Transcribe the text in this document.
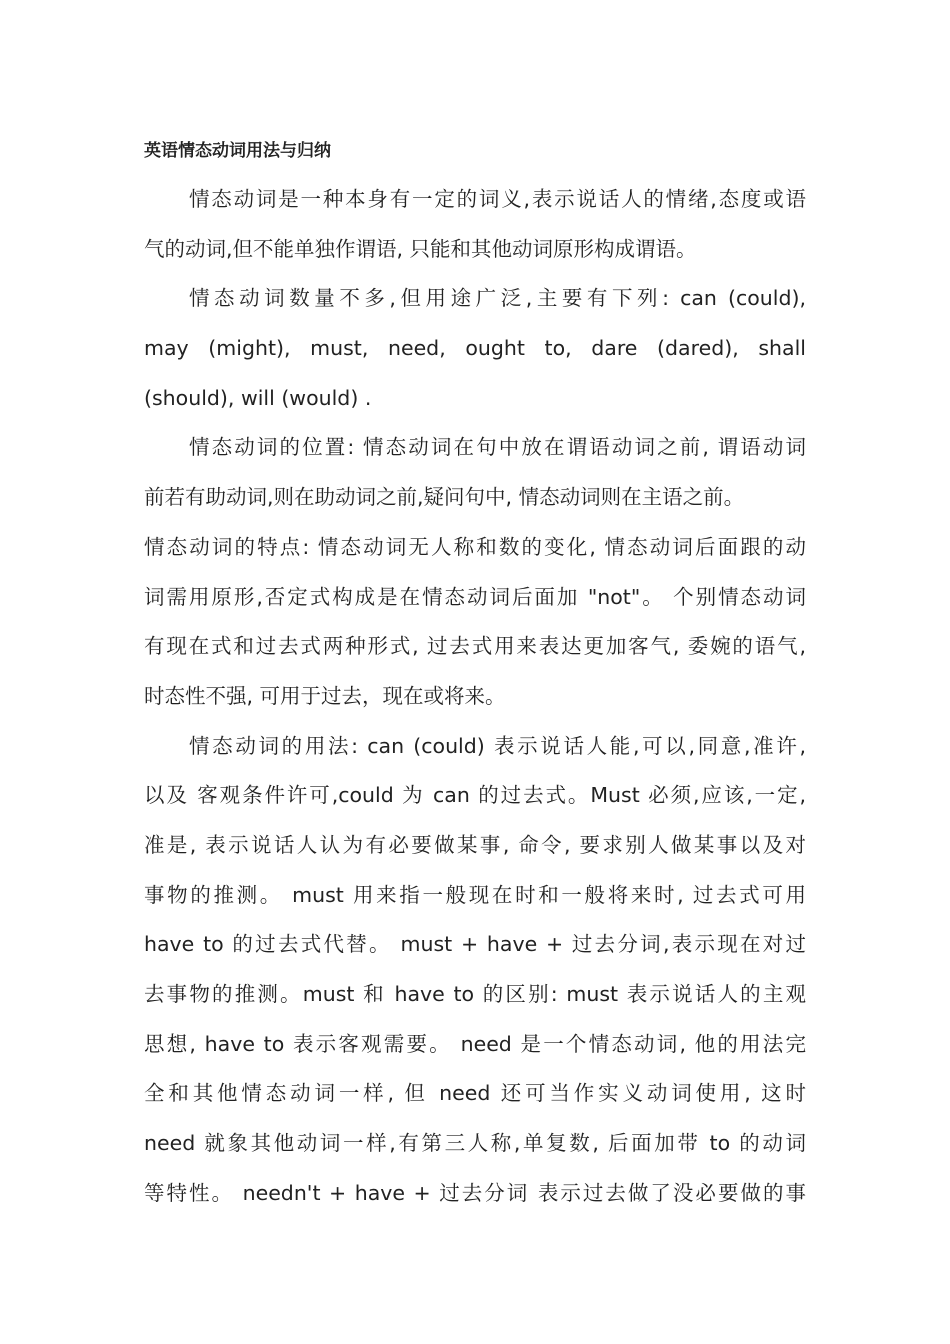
英语情态动词用法与归纳

情态动词是一种本身有一定的词义,表示说话人的情绪,态度或语
气的动词,但不能单独作谓语, 只能和其他动词原形构成谓语。

情态动词数量不多,但用途广泛,主要有下列: can (could),
may (might), must, need, ought to, dare (dared), shall
(should), will (would) .

情态动词的位置: 情态动词在句中放在谓语动词之前, 谓语动词
前若有助动词,则在助动词之前,疑问句中, 情态动词则在主语之前。

情态动词的特点: 情态动词无人称和数的变化, 情态动词后面跟的动
词需用原形,否定式构成是在情态动词后面加 "not"。 个别情态动词
有现在式和过去式两种形式, 过去式用来表达更加客气, 委婉的语气,
时态性不强, 可用于过去，现在或将来。

情态动词的用法: can (could) 表示说话人能,可以,同意,准许,
以及 客观条件许可,could 为 can 的过去式。Must 必须,应该,一定,
准是, 表示说话人认为有必要做某事, 命令, 要求别人做某事以及对
事物的推测。 must 用来指一般现在时和一般将来时, 过去式可用
have to 的过去式代替。 must + have + 过去分词,表示现在对过
去事物的推测。must 和 have to 的区别: must 表示说话人的主观
思想, have to 表示客观需要。 need 是一个情态动词, 他的用法完
全和其他情态动词一样, 但 need 还可当作实义动词使用, 这时
need 就象其他动词一样,有第三人称,单复数, 后面加带 to 的动词
等特性。 needn't + have + 过去分词 表示过去做了没必要做的事
